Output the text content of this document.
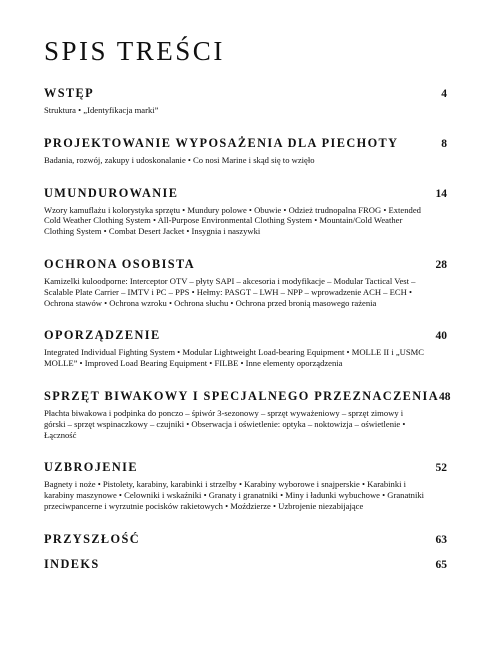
SPIS TREŚCI
WSTĘP	4
Struktura • „Identyfikacja marki”
PROJEKTOWANIE WYPOSAŻENIA DLA PIECHOTY	8
Badania, rozwój, zakupy i udoskonalanie • Co nosi Marine i skąd się to wzięło
UMUNDUROWANIE	14
Wzory kamuflażu i kolorystyka sprzętu • Mundury polowe • Obuwie • Odzież trudnopalna FROG • Extended Cold Weather Clothing System • All-Purpose Environmental Clothing System • Mountain/Cold Weather Clothing System • Combat Desert Jacket • Insygnia i naszywki
OCHRONA OSOBISTA	28
Kamizelki kuloodporne: Interceptor OTV – płyty SAPI – akcesoria i modyfikacje – Modular Tactical Vest – Scalable Plate Carrier – IMTV i PC – PPS • Hełmy: PASGT – LWH – NPP – wprowadzenie ACH – ECH • Ochrona stawów • Ochrona wzroku • Ochrona słuchu • Ochrona przed bronią masowego rażenia
OPORZĄDZENIE	40
Integrated Individual Fighting System • Modular Lightweight Load-bearing Equipment • MOLLE II i „USMC MOLLE” • Improved Load Bearing Equipment • FILBE • Inne elementy oporządzenia
SPRZĘT BIWAKOWY I SPECJALNEGO PRZEZNACZENIA 48
Płachta biwakowa i podpinka do ponczo – śpiwór 3-sezonowy – sprzęt wyważeniowy – sprzęt zimowy i górski – sprzęt wspinaczkowy – czujniki • Obserwacja i oświetlenie: optyka – noktowizja – oświetlenie • Łączność
UZBROJENIE	52
Bagnety i noże • Pistolety, karabiny, karabinki i strzelby • Karabiny wyborowe i snajperskie • Karabinki i karabiny maszynowe • Celowniki i wskaźniki • Granaty i granatniki • Miny i ładunki wybuchowe • Granatniki przeciwpancerne i wyrzutnie pocisków rakietowych • Moździerze • Uzbrojenie niezabijające
PRZYSZŁOŚĆ	63
INDEKS	65
